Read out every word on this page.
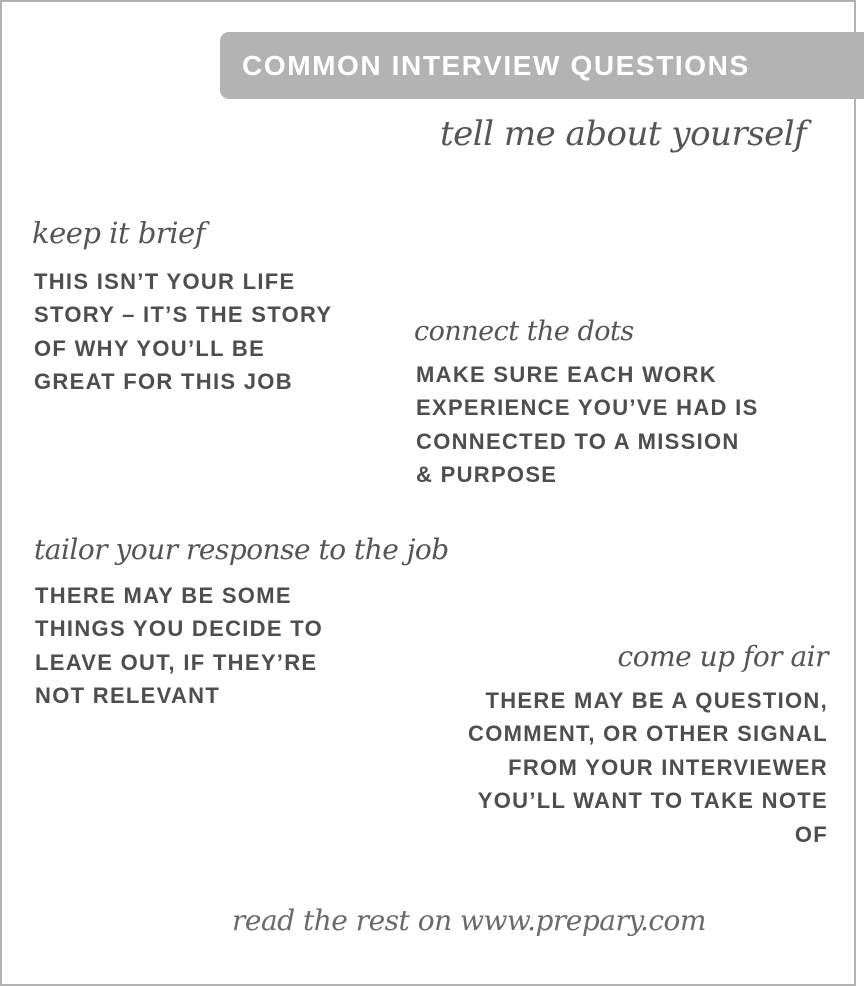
COMMON INTERVIEW QUESTIONS
tell me about yourself
keep it brief
THIS ISN’T YOUR LIFE
STORY – IT’S THE STORY
OF WHY YOU’LL BE
GREAT FOR THIS JOB
connect the dots
MAKE SURE EACH WORK
EXPERIENCE YOU’VE HAD IS
CONNECTED TO A MISSION
& PURPOSE
tailor your response to the job
THERE MAY BE SOME
THINGS YOU DECIDE TO
LEAVE OUT, IF THEY’RE
NOT RELEVANT
come up for air
THERE MAY BE A QUESTION,
COMMENT, OR OTHER SIGNAL
FROM YOUR INTERVIEWER
YOU’LL WANT TO TAKE NOTE
OF
read the rest on www.prepary.com
